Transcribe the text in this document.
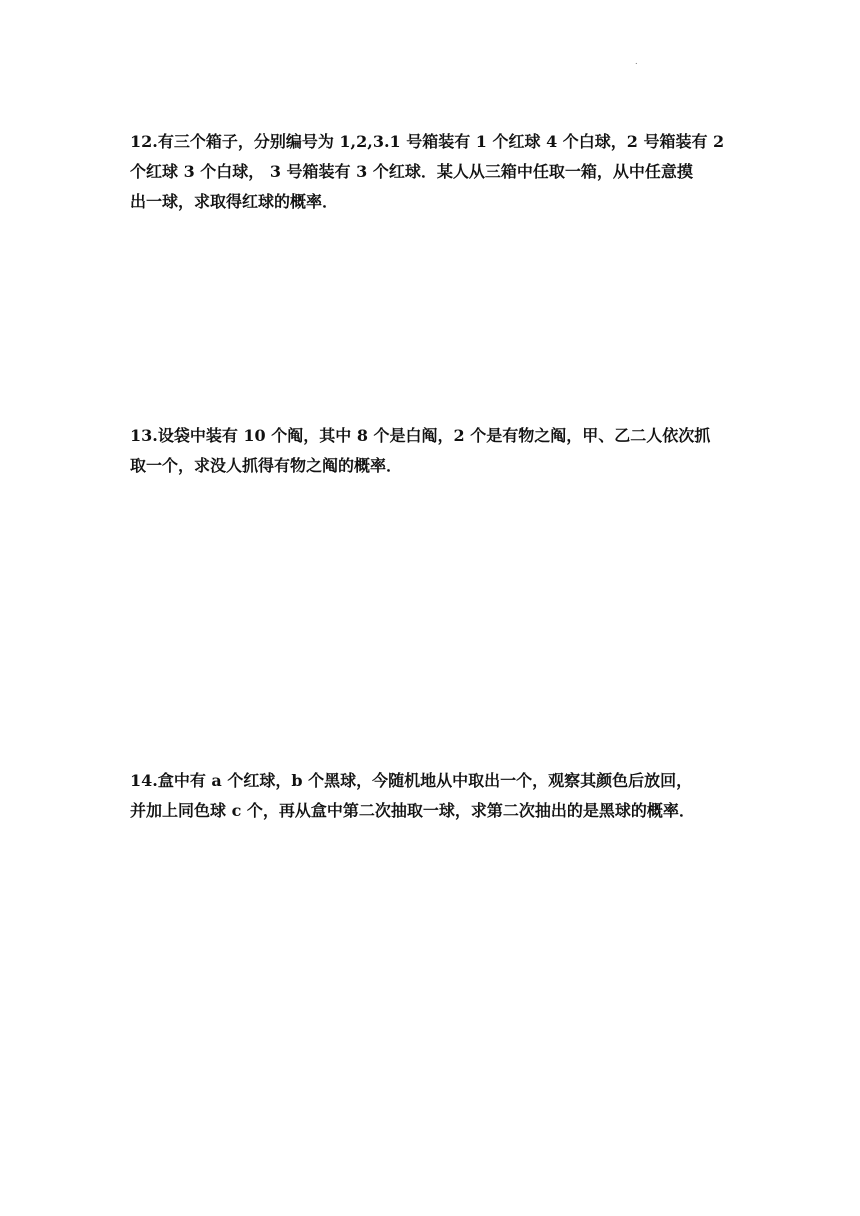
.
12.有三个箱子，分别编号为 1,2,3.1 号箱装有 1 个红球 4 个白球，2 号箱装有 2
个红球 3 个白球， 3 号箱装有 3 个红球．某人从三箱中任取一箱，从中任意摸
出一球，求取得红球的概率．
13.设袋中装有 10 个阄，其中 8 个是白阄，2 个是有物之阄，甲、乙二人依次抓
取一个，求没人抓得有物之阄的概率．
14.盒中有 a 个红球，b 个黑球，今随机地从中取出一个，观察其颜色后放回，
并加上同色球 c 个，再从盒中第二次抽取一球，求第二次抽出的是黑球的概率．
